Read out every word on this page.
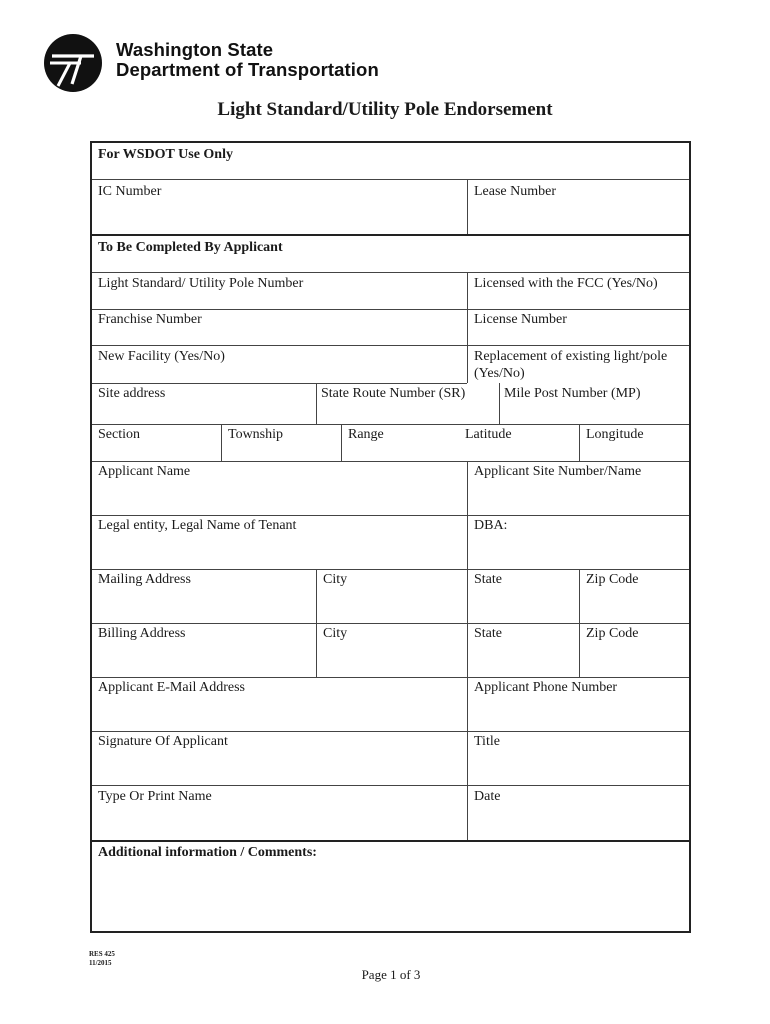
Washington State
Department of Transportation
Light Standard/Utility Pole Endorsement
For WSDOT Use Only
IC Number	Lease Number
To Be Completed By Applicant
Light Standard/ Utility Pole Number	Licensed with the FCC (Yes/No)
Franchise Number	License Number
New Facility (Yes/No)	Replacement of existing light/pole (Yes/No)
Site address	State Route Number (SR)	Mile Post Number (MP)
Section	Township	Range	Latitude	Longitude
Applicant Name	Applicant Site Number/Name
Legal entity, Legal Name of Tenant	DBA:
Mailing Address	City	State	Zip Code
Billing Address	City	State	Zip Code
Applicant E-Mail Address	Applicant Phone Number
Signature Of Applicant	Title
Type Or Print Name	Date
Additional information / Comments:
RES 425
11/2015
Page 1 of 3
